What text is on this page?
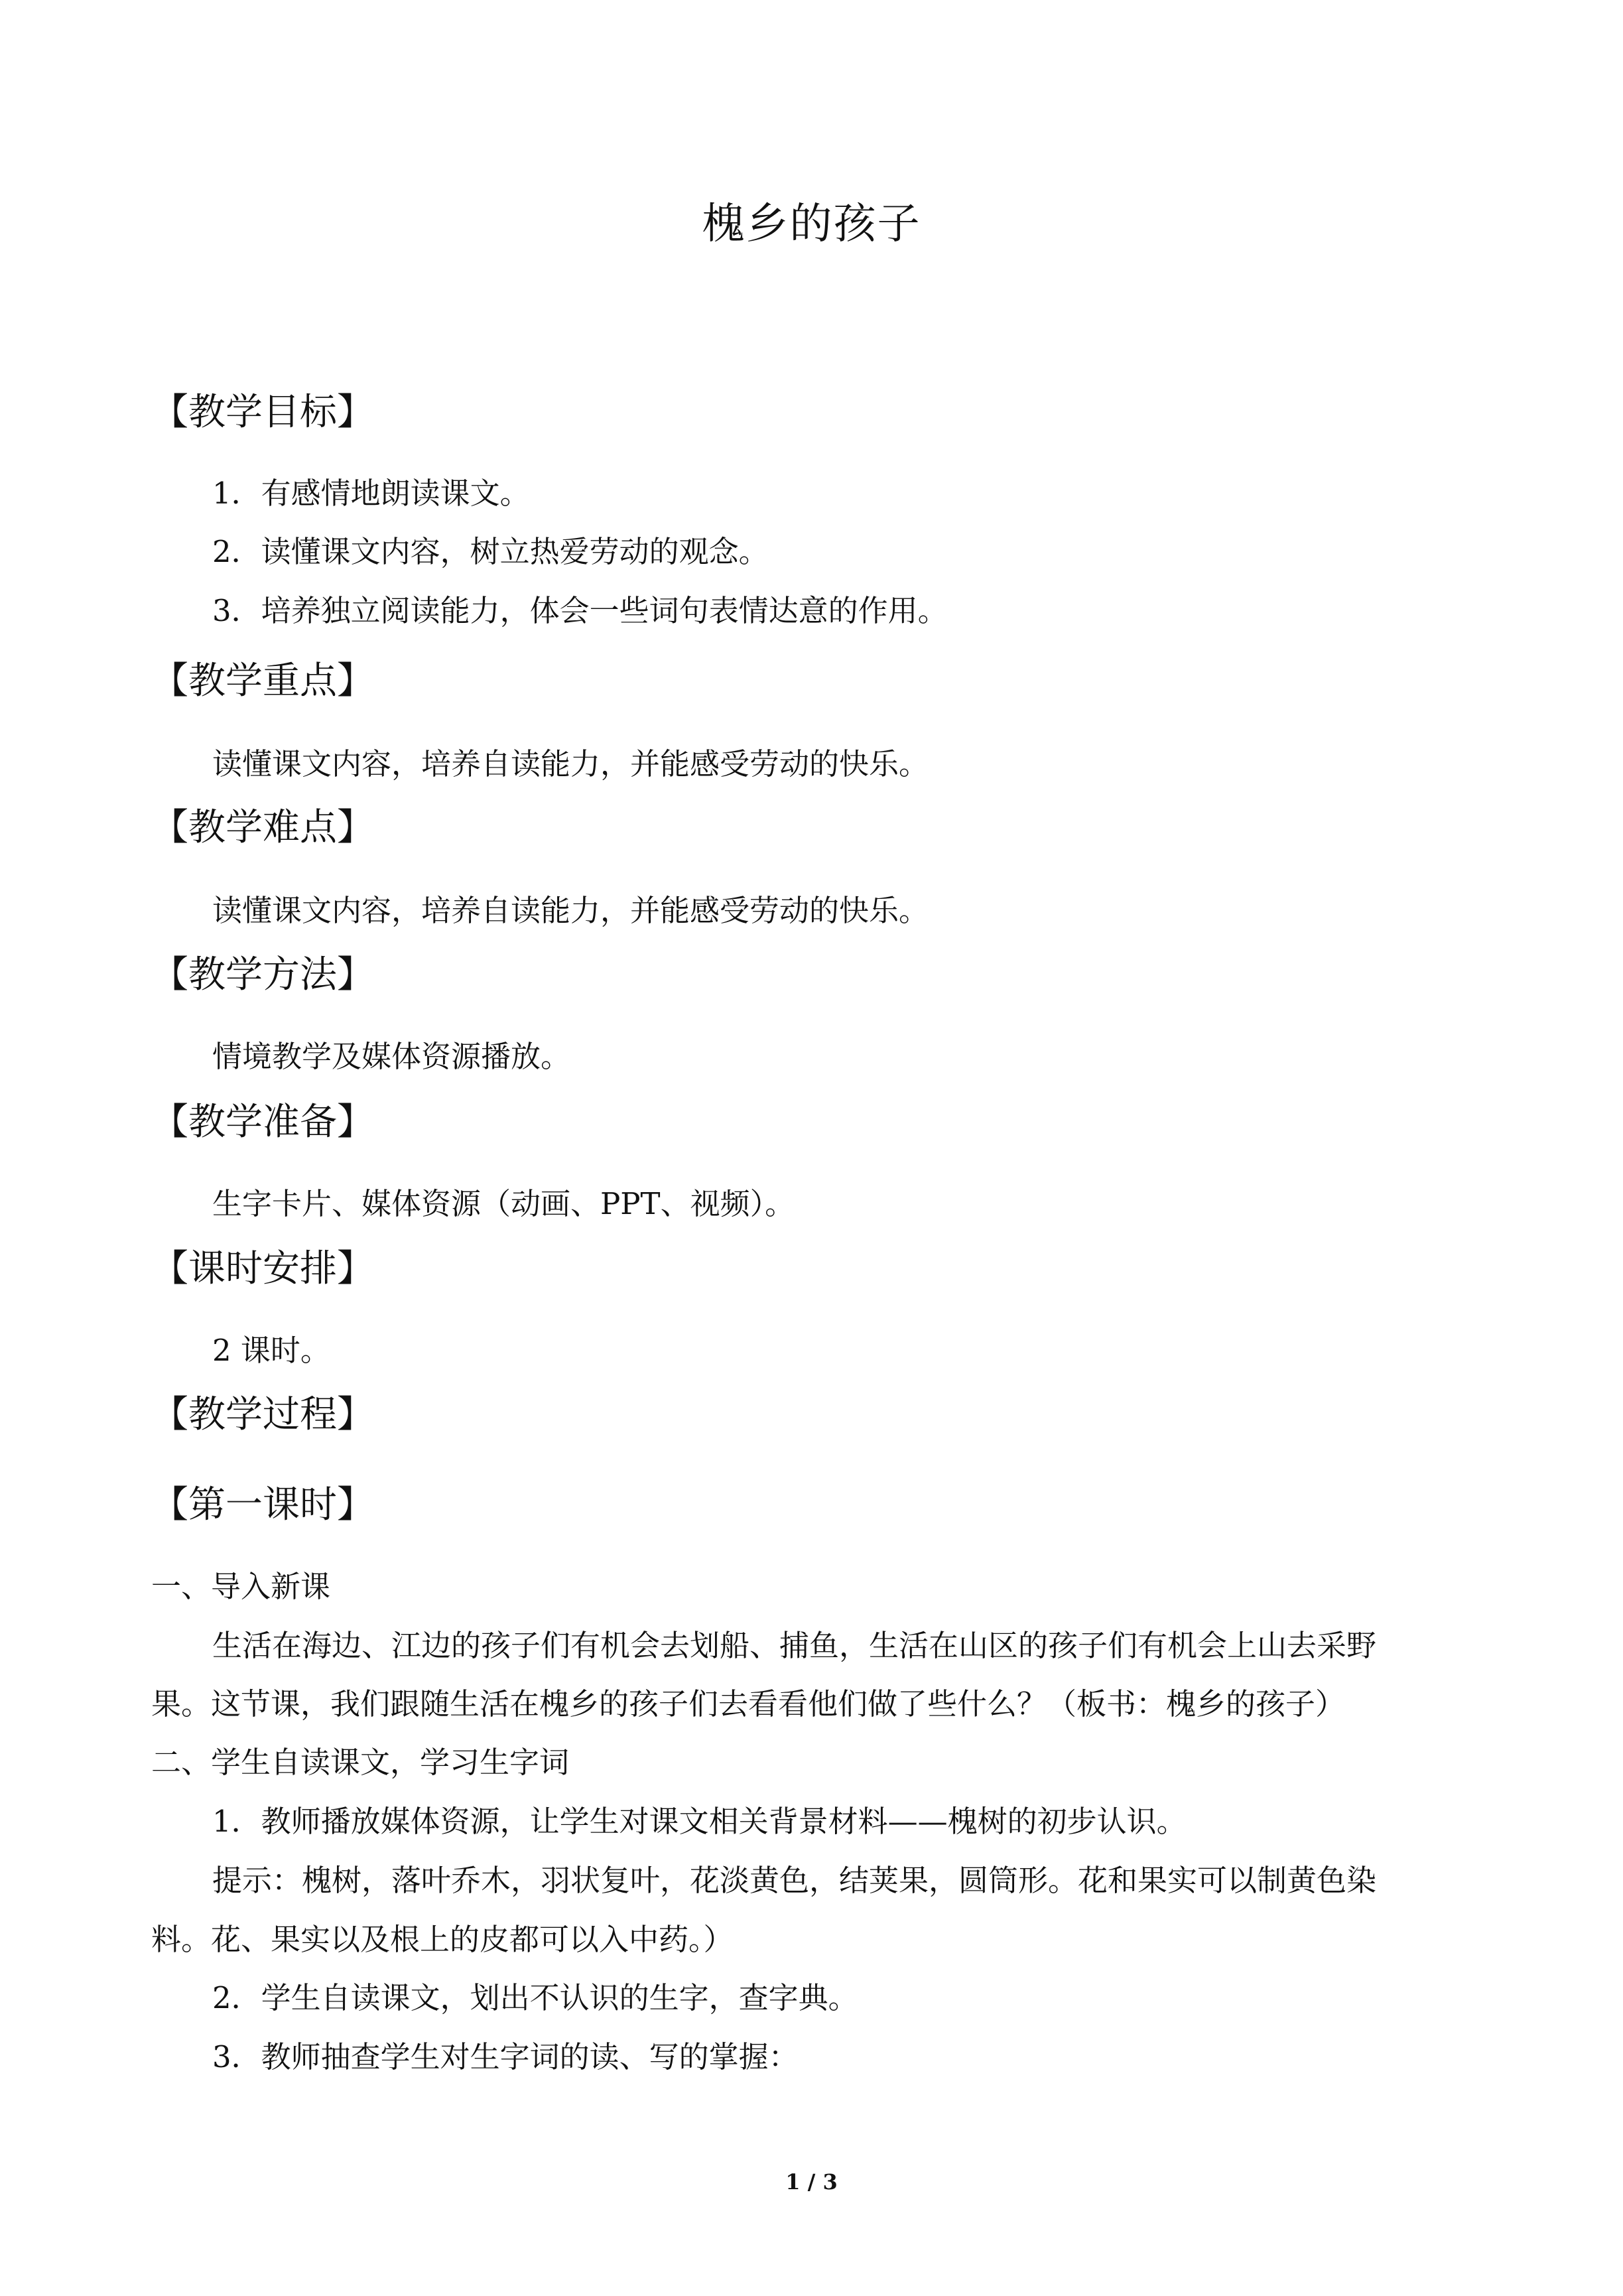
槐乡的孩子
【教学目标】
1．有感情地朗读课文。
2．读懂课文内容，树立热爱劳动的观念。
3．培养独立阅读能力，体会一些词句表情达意的作用。
【教学重点】
读懂课文内容，培养自读能力，并能感受劳动的快乐。
【教学难点】
读懂课文内容，培养自读能力，并能感受劳动的快乐。
【教学方法】
情境教学及媒体资源播放。
【教学准备】
生字卡片、媒体资源（动画、PPT、视频）。
【课时安排】
2 课时。
【教学过程】
【第一课时】
一、导入新课
生活在海边、江边的孩子们有机会去划船、捕鱼，生活在山区的孩子们有机会上山去采野
果。这节课，我们跟随生活在槐乡的孩子们去看看他们做了些什么？（板书：槐乡的孩子）
二、学生自读课文，学习生字词
1．教师播放媒体资源，让学生对课文相关背景材料——槐树的初步认识。
提示：槐树，落叶乔木，羽状复叶，花淡黄色，结荚果，圆筒形。花和果实可以制黄色染
料。花、果实以及根上的皮都可以入中药。）
2．学生自读课文，划出不认识的生字，查字典。
3．教师抽查学生对生字词的读、写的掌握：
1 / 3
